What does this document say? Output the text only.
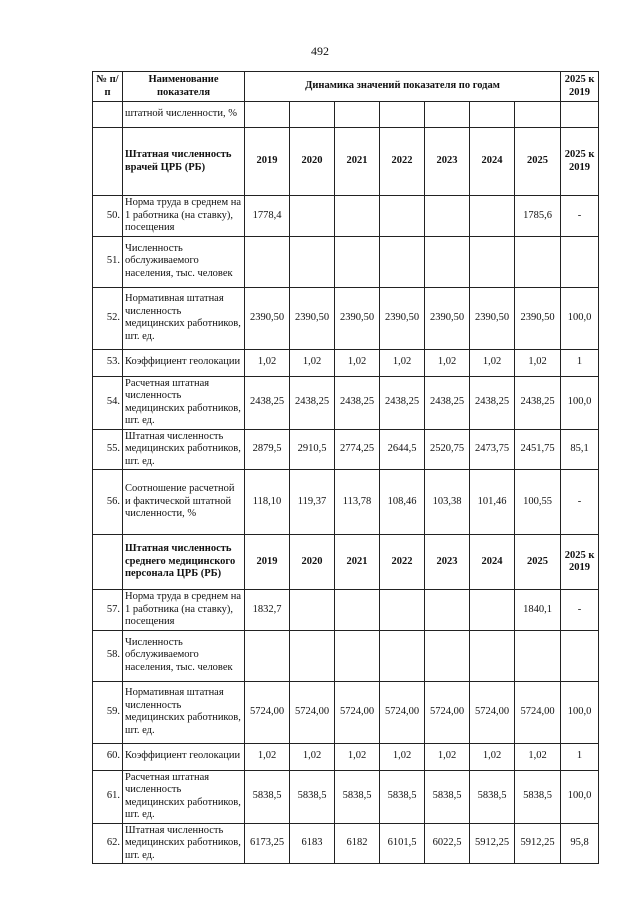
492
№ п/п	Наименование показателя	Динамика значений показателя по годам							2025 к 2019
	штатной численности, %								
	Штатная численность врачей ЦРБ (РБ)	2019	2020	2021	2022	2023	2024	2025	2025 к 2019
50.	Норма труда в среднем на 1 работника (на ставку), посещения	1778,4						1785,6	-
51.	Численность обслуживаемого населения, тыс. человек								
52.	Нормативная штатная численность медицинских работников, шт. ед.	2390,50	2390,50	2390,50	2390,50	2390,50	2390,50	2390,50	100,0
53.	Коэффициент геолокации	1,02	1,02	1,02	1,02	1,02	1,02	1,02	1
54.	Расчетная штатная численность медицинских работников, шт. ед.	2438,25	2438,25	2438,25	2438,25	2438,25	2438,25	2438,25	100,0
55.	Штатная численность медицинских работников, шт. ед.	2879,5	2910,5	2774,25	2644,5	2520,75	2473,75	2451,75	85,1
56.	Соотношение расчетной и фактической штатной численности, %	118,10	119,37	113,78	108,46	103,38	101,46	100,55	-
	Штатная численность среднего медицинского персонала ЦРБ (РБ)	2019	2020	2021	2022	2023	2024	2025	2025 к 2019
57.	Норма труда в среднем на 1 работника (на ставку), посещения	1832,7						1840,1	-
58.	Численность обслуживаемого населения, тыс. человек								
59.	Нормативная штатная численность медицинских работников, шт. ед.	5724,00	5724,00	5724,00	5724,00	5724,00	5724,00	5724,00	100,0
60.	Коэффициент геолокации	1,02	1,02	1,02	1,02	1,02	1,02	1,02	1
61.	Расчетная штатная численность медицинских работников, шт. ед.	5838,5	5838,5	5838,5	5838,5	5838,5	5838,5	5838,5	100,0
62.	Штатная численность медицинских работников, шт. ед.	6173,25	6183	6182	6101,5	6022,5	5912,25	5912,25	95,8
